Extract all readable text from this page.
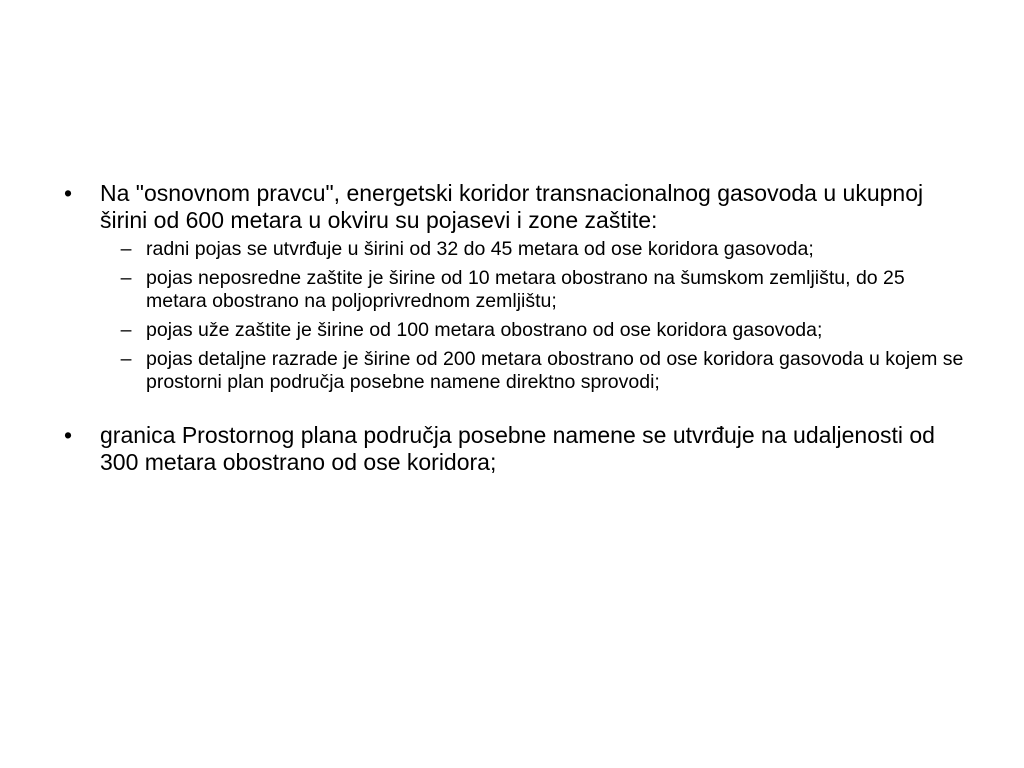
• Na "osnovnom pravcu", energetski koridor transnacionalnog gasovoda u ukupnoj širini od 600 metara u okviru su pojasevi i zone zaštite:
– radni pojas se utvrđuje u širini od 32 do 45 metara od ose koridora gasovoda;
– pojas neposredne zaštite je širine od 10 metara obostrano na šumskom zemljištu, do 25 metara obostrano na poljoprivrednom zemljištu;
– pojas uže zaštite je širine od 100 metara obostrano od ose koridora gasovoda;
– pojas detaljne razrade je širine od 200 metara obostrano od ose koridora gasovoda u kojem se prostorni plan područja posebne namene direktno sprovodi;
• granica Prostornog plana područja posebne namene se utvrđuje na udaljenosti od 300 metara obostrano od ose koridora;
